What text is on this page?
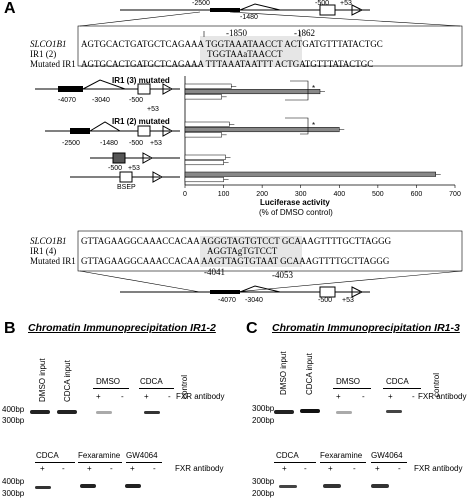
A
0	100	200	300	400	500	600	700
-2500
-1480
-500 +53
-1850	-1862
SLCO1B1
IR1 (2)
Mutated IR1
AGTGCACTGATGCTCAGAAA TGGTAAATAACCT ACTGATGTTTATACTGC
TGGTAAaTAACCT
AGTGCACTGATGCTCAGAAA TTTAAATAATTT ACTGATGTTTATACTGC
IR1 (3) mutated
-4070 -3040	-500
+53
IR1 (2) mutated
-2500	-1480 -500 +53
-500 +53
BSEP
*
*
Luciferase activity
(% of DMSO control)
SLCO1B1
IR1 (4)
Mutated IR1
GTTAGAAGGCAAACCACAA AGGGTAGTGTCCT GCAAAGTTTTGCTTAGGG
AGGTAgTGTCCT
GTTAGAAGGCAAACCACAA AAGTTAGTGTAAT GCAAAGTTTTGCTTAGGG
-4041	-4053
-4070 -3040	-500 +53
B Chromatin Immunoprecipitation IR1-2
DMSO input CDCA input	DMSO	CDCA control
+	-	+ - FXR antibody
400bp
300bp
CDCA Fexaramine GW4064
+ -	+ - + - FXR antibody
400bp
300bp
C Chromatin Immunoprecipitation IR1-3
DMSO input CDCA input	DMSO	CDCA	control
+	-	+ - FXR antibody
300bp
200bp
CDCA	Fexaramine GW4064
+ -	+	- + - FXR antibody
300bp
200bp
